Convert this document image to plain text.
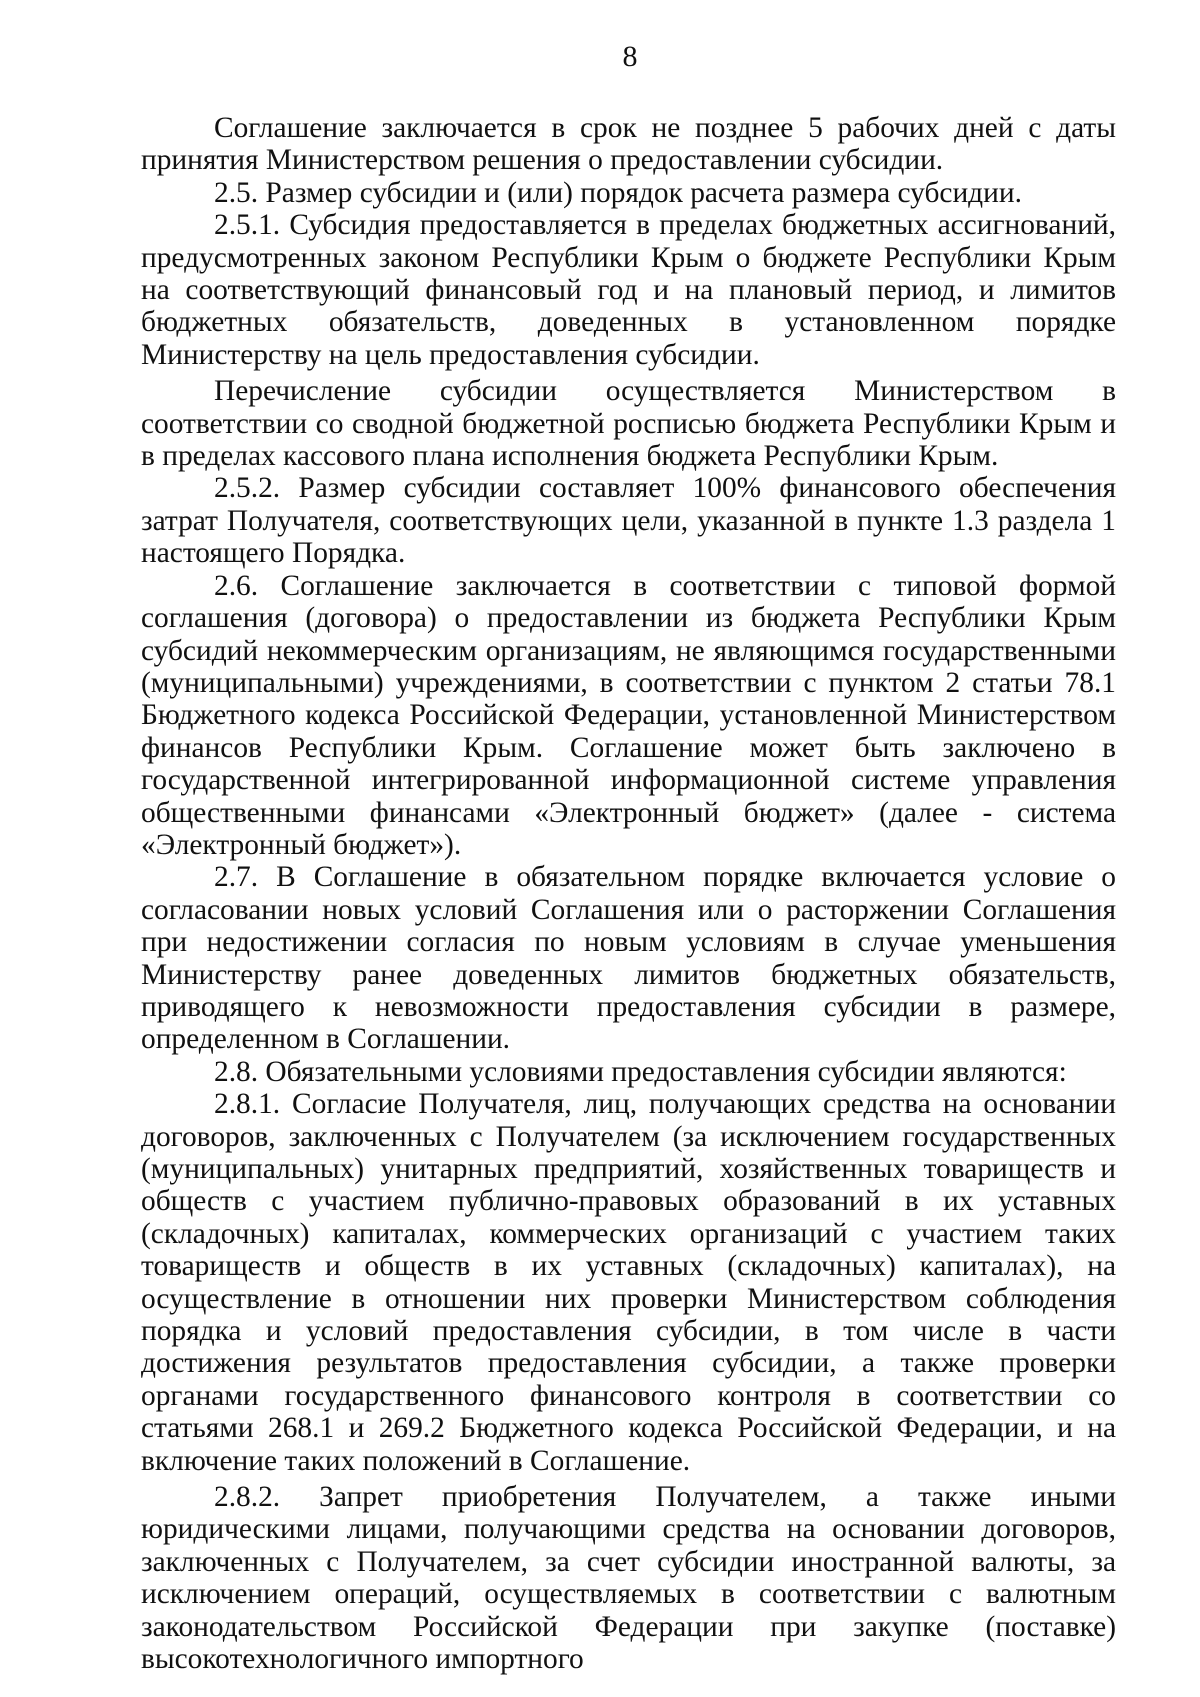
8

Соглашение заключается в срок не позднее 5 рабочих дней с даты принятия Министерством решения о предоставлении субсидии.

2.5. Размер субсидии и (или) порядок расчета размера субсидии.

2.5.1. Субсидия предоставляется в пределах бюджетных ассигнований, предусмотренных законом Республики Крым о бюджете Республики Крым на соответствующий финансовый год и на плановый период, и лимитов бюджетных обязательств, доведенных в установленном порядке Министерству на цель предоставления субсидии.

Перечисление субсидии осуществляется Министерством в соответствии со сводной бюджетной росписью бюджета Республики Крым и в пределах кассового плана исполнения бюджета Республики Крым.

2.5.2. Размер субсидии составляет 100% финансового обеспечения затрат Получателя, соответствующих цели, указанной в пункте 1.3 раздела 1 настоящего Порядка.

2.6. Соглашение заключается в соответствии с типовой формой соглашения (договора) о предоставлении из бюджета Республики Крым субсидий некоммерческим организациям, не являющимся государственными (муниципальными) учреждениями, в соответствии с пунктом 2 статьи 78.1 Бюджетного кодекса Российской Федерации, установленной Министерством финансов Республики Крым. Соглашение может быть заключено в государственной интегрированной информационной системе управления общественными финансами «Электронный бюджет» (далее - система «Электронный бюджет»).

2.7. В Соглашение в обязательном порядке включается условие о согласовании новых условий Соглашения или о расторжении Соглашения при недостижении согласия по новым условиям в случае уменьшения Министерству ранее доведенных лимитов бюджетных обязательств, приводящего к невозможности предоставления субсидии в размере, определенном в Соглашении.

2.8. Обязательными условиями предоставления субсидии являются:

2.8.1. Согласие Получателя, лиц, получающих средства на основании договоров, заключенных с Получателем (за исключением государственных (муниципальных) унитарных предприятий, хозяйственных товариществ и обществ с участием публично-правовых образований в их уставных (складочных) капиталах, коммерческих организаций с участием таких товариществ и обществ в их уставных (складочных) капиталах), на осуществление в отношении них проверки Министерством соблюдения порядка и условий предоставления субсидии, в том числе в части достижения результатов предоставления субсидии, а также проверки органами государственного финансового контроля в соответствии со статьями 268.1 и 269.2 Бюджетного кодекса Российской Федерации, и на включение таких положений в Соглашение.

2.8.2. Запрет приобретения Получателем, а также иными юридическими лицами, получающими средства на основании договоров, заключенных с Получателем, за счет субсидии иностранной валюты, за исключением операций, осуществляемых в соответствии с валютным законодательством Российской Федерации при закупке (поставке) высокотехнологичного импортного
